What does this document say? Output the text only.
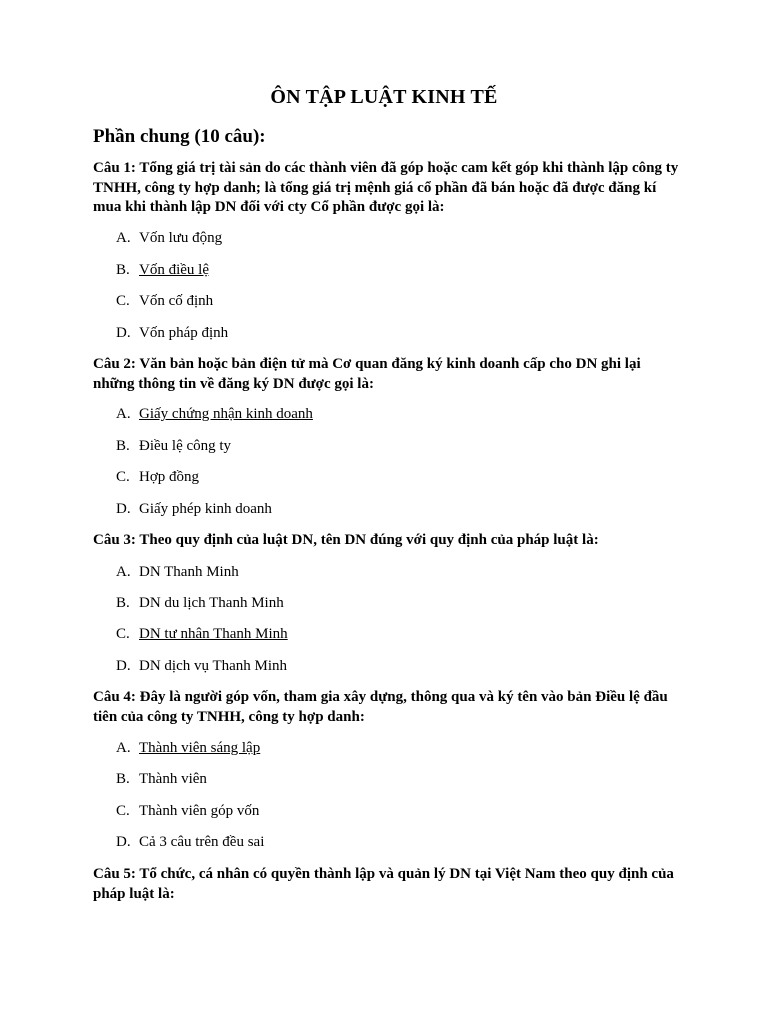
ÔN TẬP LUẬT KINH TẾ
Phần chung (10 câu):
Câu 1: Tổng giá trị tài sản do các thành viên đã góp hoặc cam kết góp khi thành lập công ty TNHH, công ty hợp danh; là tổng giá trị mệnh giá cổ phần đã bán hoặc đã được đăng kí mua khi thành lập DN đối với cty Cổ phần được gọi là:
A. Vốn lưu động
B. Vốn điều lệ
C. Vốn cố định
D. Vốn pháp định
Câu 2: Văn bản hoặc bản điện tử mà Cơ quan đăng ký kinh doanh cấp cho DN ghi lại những thông tin về đăng ký DN được gọi là:
A. Giấy chứng nhận kinh doanh
B. Điều lệ công ty
C. Hợp đồng
D. Giấy phép kinh doanh
Câu 3: Theo quy định của luật DN, tên DN đúng với quy định của pháp luật là:
A. DN Thanh Minh
B. DN du lịch Thanh Minh
C. DN tư nhân Thanh Minh
D. DN dịch vụ Thanh Minh
Câu 4: Đây là người góp vốn, tham gia xây dựng, thông qua và ký tên vào bản Điều lệ đầu tiên của công ty TNHH, công ty hợp danh:
A. Thành viên sáng lập
B. Thành viên
C. Thành viên góp vốn
D. Cả 3 câu trên đều sai
Câu 5: Tổ chức, cá nhân có quyền thành lập và quản lý DN tại Việt Nam theo quy định của pháp luật là:
